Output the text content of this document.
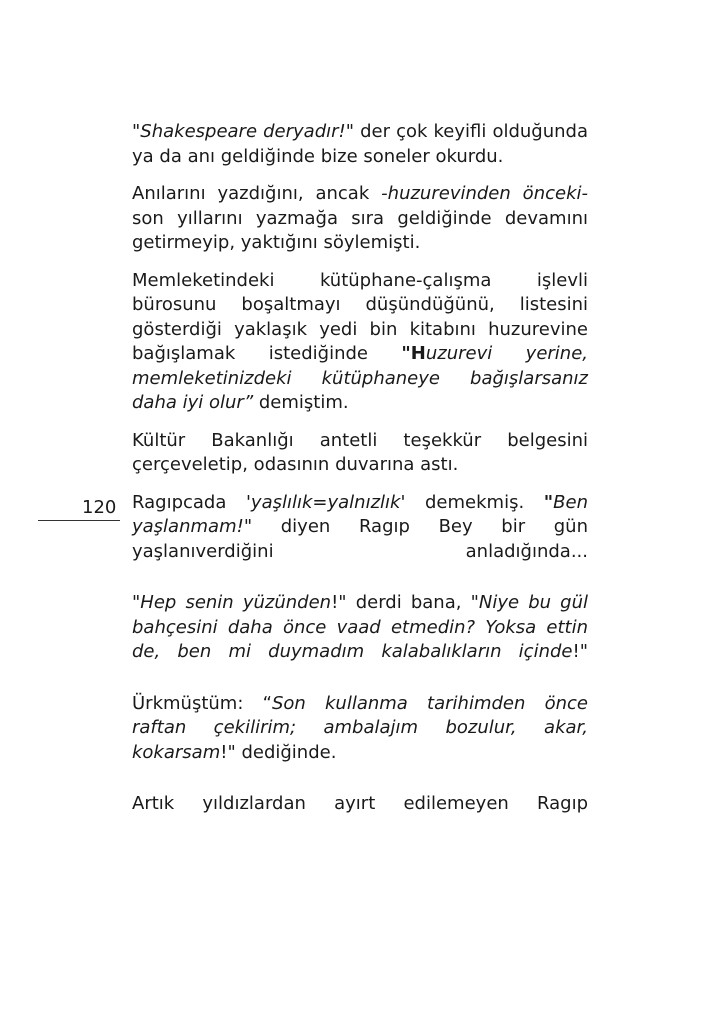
120

"Shakespeare deryadır!" der çok keyifli olduğunda ya da anı geldiğinde bize soneler okurdu.

Anılarını yazdığını, ancak -huzurevinden önceki- son yıllarını yazmağa sıra geldiğinde devamını getirmeyip, yaktığını söylemişti.

Memleketindeki kütüphane-çalışma işlevli bürosunu boşaltmayı düşündüğünü, listesini gösterdiği yaklaşık yedi bin kitabını huzurevine bağışlamak istediğinde "Huzurevi yerine, memleketinizdeki kütüphaneye bağışlarsanız daha iyi olur” demiştim.

Kültür Bakanlığı antetli teşekkür belgesini çerçeveletip, odasının duvarına astı.

Ragıpcada 'yaşlılık=yalnızlık' demekmiş. "Ben yaşlanmam!" diyen Ragıp Bey bir gün yaşlanıverdiğini anladığında...

"Hep senin yüzünden!" derdi bana, "Niye bu gül bahçesini daha önce vaad etmedin? Yoksa ettin de, ben mi duymadım kalabalıkların içinde!"

Ürkmüştüm: “Son kullanma tarihimden önce raftan çekilirim; ambalajım bozulur, akar, kokarsam!" dediğinde.

Artık yıldızlardan ayırt edilemeyen Ragıp
